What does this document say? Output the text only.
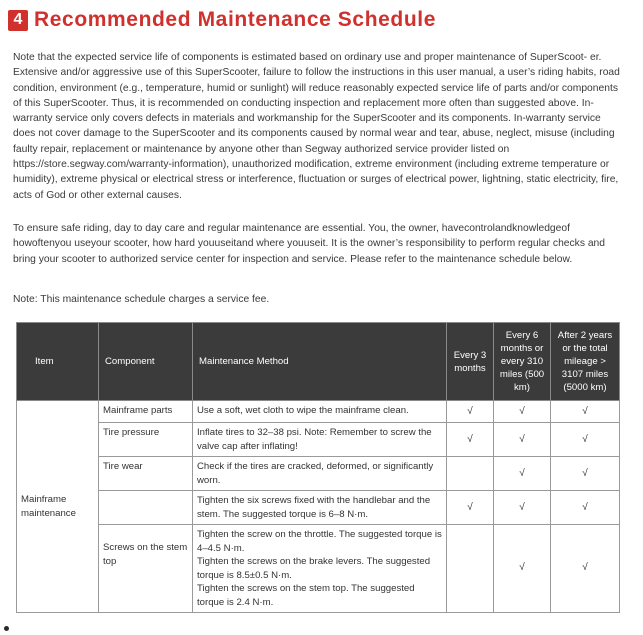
4 Recommended Maintenance Schedule
Note that the expected service life of components is estimated based on ordinary use and proper maintenance of SuperScoot- er. Extensive and/or aggressive use of this SuperScooter, failure to follow the instructions in this user manual, a user’s riding habits, road condition, environment (e.g., temperature, humid or sunlight) will reduce reasonably expected service life of parts and/or components of this SuperScooter. Thus, it is recommended on conducting inspection and replacement more often than suggested above. In-warranty service only covers defects in materials and workmanship for the SuperScooter and its components. In-warranty service does not cover damage to the SuperScooter and its components caused by normal wear and tear, abuse, neglect, misuse (including faulty repair, replacement or maintenance by anyone other than Segway authorized service provider listed on https://store.segway.com/warranty-information), unauthorized modification, extreme environment (including extreme temperature or humidity), extreme physical or electrical stress or interference, fluctuation or surges of electrical power, lightning, static electricity, fire, acts of God or other external causes.
To ensure safe riding, day to day care and regular maintenance are essential. You, the owner, havecontrolandknowledgeof howoftenyou useyour scooter, how hard youuseitand where youuseit. It is the owner’s responsibility to perform regular checks and bring your scooter to authorized service center for inspection and service. Please refer to the maintenance schedule below.
Note: This maintenance schedule charges a service fee.
Item	Component	Maintenance Method	Every 3 months	Every 6 months or every 310 miles (500 km)	After 2 years or the total mileage > 3107 miles (5000 km)
Mainframe maintenance	Mainframe parts	Use a soft, wet cloth to wipe the mainframe clean.	√	√	√
	Tire pressure	Inflate tires to 32–38 psi. Note: Remember to screw the valve cap after inflating!	√	√	√
	Tire wear	Check if the tires are cracked, deformed, or significantly worn.		√	√
		Tighten the six screws fixed with the handlebar and the stem. The suggested torque is 6–8 N·m.	√	√	√
	Screws on the stem top	Tighten the screw on the throttle. The suggested torque is 4–4.5 N·m.
Tighten the screws on the brake levers. The suggested torque is 8.5±0.5 N·m.
Tighten the screws on the stem top. The suggested torque is 2.4 N·m.		√	√
